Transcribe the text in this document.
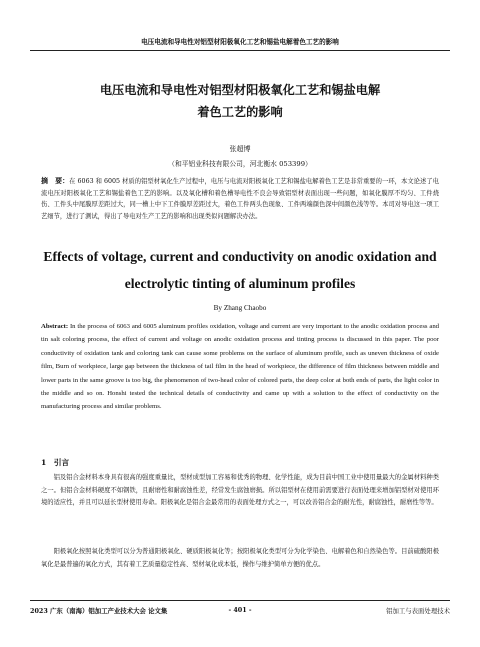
电压电流和导电性对铝型材阳极氧化工艺和锡盐电解着色工艺的影响
电压电流和导电性对铝型材阳极氧化工艺和锡盐电解
着色工艺的影响
张超博
（和平铝业科技有限公司，河北衡水 053399）
摘　要：在 6063 和 6005 材质的铝型材氧化生产过程中，电压与电流对阳极氧化工艺和锡盐电解着色工艺是非常重要的一环，本文论述了电流电压对阳极氧化工艺和锡盐着色工艺的影响。以及氧化槽和着色槽导电性不良会导致铝型材表面出现一些问题，如氧化膜厚不均匀、工件烧伤、工件头中尾膜厚差距过大，同一槽上中下工件膜厚差距过大，着色工件两头色现象、工件两端颜色深中间颜色浅等等。本司对导电这一项工艺细节，进行了测试，得出了导电对生产工艺的影响和出现类似问题解决办法。
Effects of voltage, current and conductivity on anodic oxidation and
electrolytic tinting of aluminum profiles
By Zhang Chaobo
Abstract: In the process of 6063 and 6005 aluminum profiles oxidation, voltage and current are very important to the anodic oxidation process and tin salt coloring process, the effect of current and voltage on anodic oxidation process and tinting process is discussed in this paper. The poor conductivity of oxidation tank and coloring tank can cause some problems on the surface of aluminum profile, such as uneven thickness of oxide film, Burn of workpiece, large gap between the thickness of tail film in the head of workpiece, the difference of film thickness between middle and lower parts in the same groove is too big, the phenomenon of two-head color of colored parts, the deep color at both ends of parts, the light color in the middle and so on. Honshi tested the technical details of conductivity and came up with a solution to the effect of conductivity on the manufacturing process and similar problems.
1　引言

铝及铝合金材料本身具有很高的强度重量比，型材成型加工容易和优秀的物理、化学性能，成为目前中国工业中使用量最大的金属材料种类之一。但铝合金材料硬度不如钢铁，且耐磨性和耐腐蚀性差，经常发生腐蚀磨损。所以铝型材在使用前需要进行表面处理来增加铝型材对使用环境的适应性，并且可以延长型材使用寿命。阳极氧化是铝合金最常用的表面处理方式之一，可以改善铝合金的耐光性，耐腐蚀性，耐磨性等等。

阳极氧化按照氧化类型可以分为普通阳极氧化、硬质阳极氧化等；按阳极氧化类型可分为化学染色、电解着色和自然染色等。目前硫酸阳极氧化是最普遍的氧化方式，其有着工艺质量稳定性高、型材氧化成本低，操作与维护简单方便的优点。

2023 广东（南海）铝加工产业技术大会 论文集	- 401 -	铝加工与表面处理技术
